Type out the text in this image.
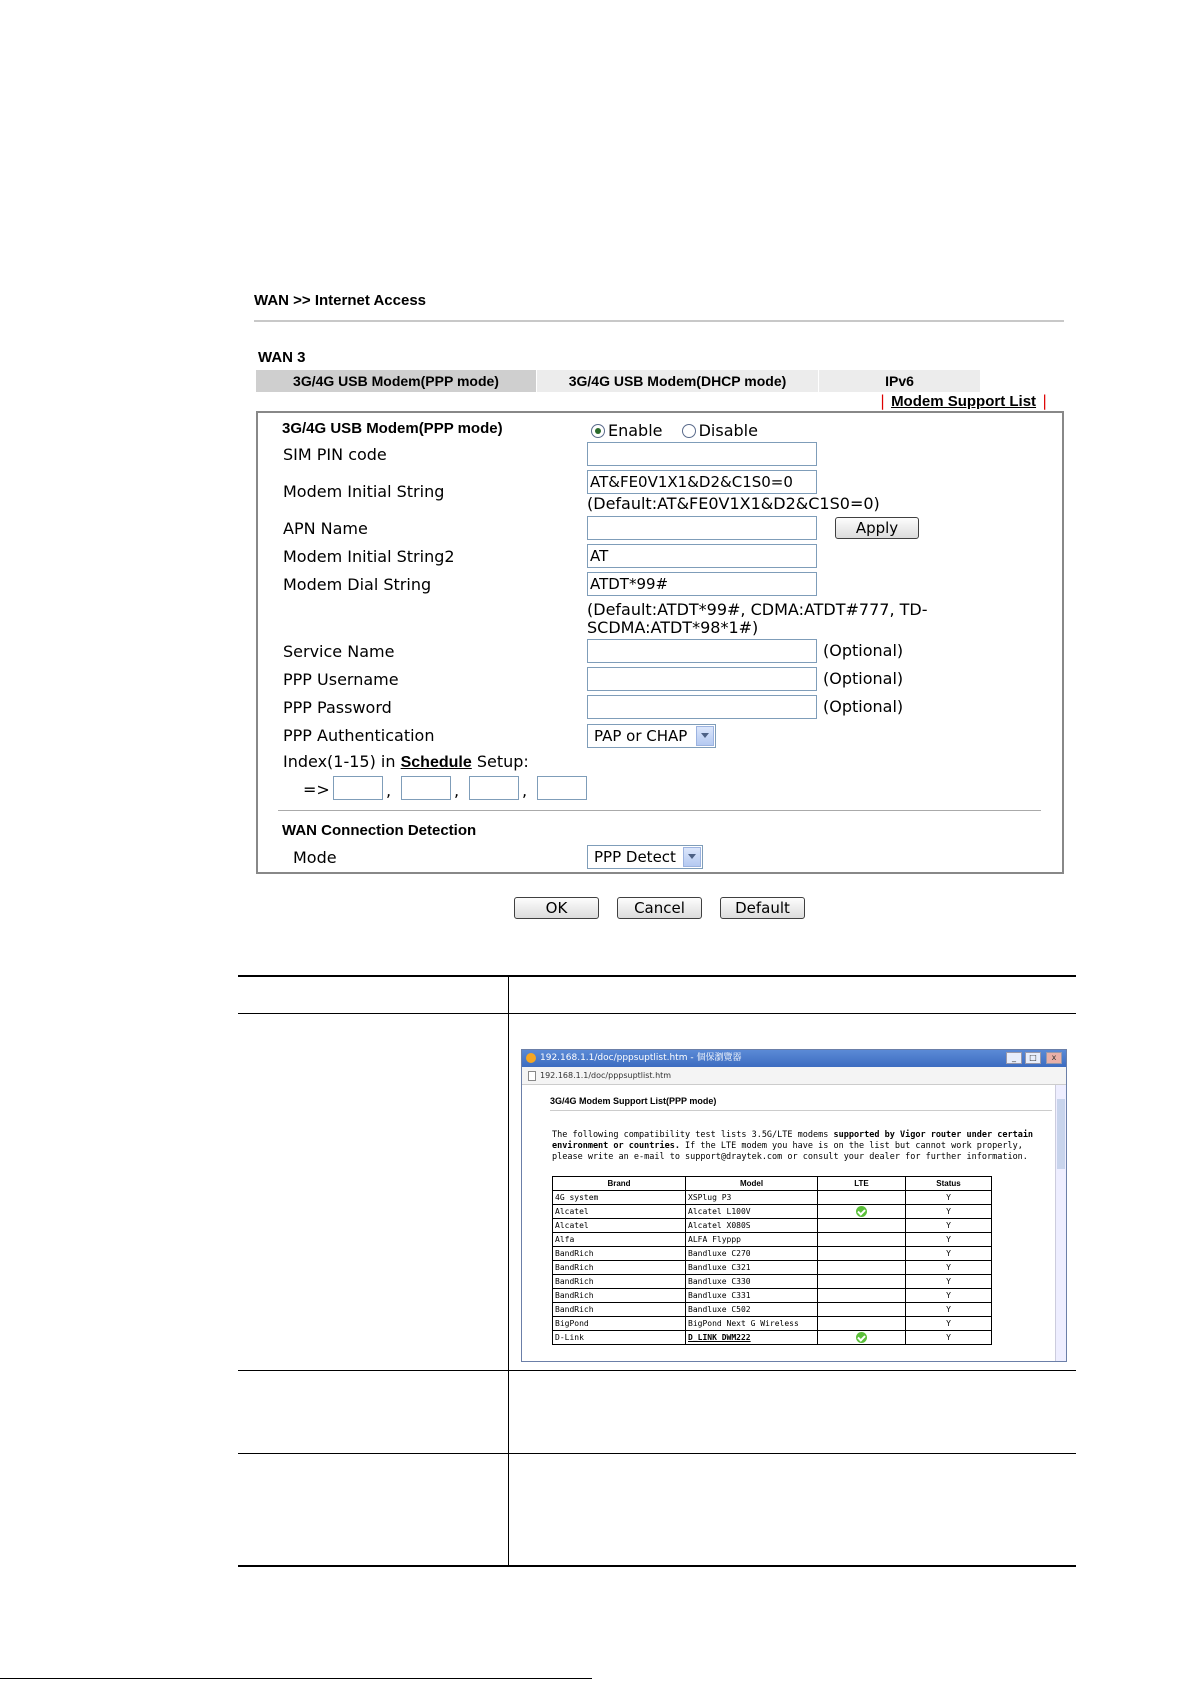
WAN >> Internet Access
WAN 3
3G/4G USB Modem(PPP mode)	3G/4G USB Modem(DHCP mode)	IPv6
| Modem Support List |
3G/4G USB Modem(PPP mode)	Enable Disable
SIM PIN code
Modem Initial String	AT&FE0V1X1&D2&C1S0=0
(Default:AT&FE0V1X1&D2&C1S0=0)
APN Name	Apply
Modem Initial String2	AT
Modem Dial String	ATDT*99#
(Default:ATDT*99#, CDMA:ATDT#777, TD-
SCDMA:ATDT*98*1#)
Service Name	(Optional)
PPP Username	(Optional)
PPP Password	(Optional)
PPP Authentication	PAP or CHAP
Index(1-15) in Schedule Setup:
=>	,	,	,
WAN Connection Detection
Mode	PPP Detect
OK	Cancel	Default
192.168.1.1/doc/pppsuptlist.htm - 個保瀏覽器	_	□	x
192.168.1.1/doc/pppsuptlist.htm
3G/4G Modem Support List(PPP mode)
The following compatibility test lists 3.5G/LTE modems supported by Vigor router under certain environment or countries. If the LTE modem you have is on the list but cannot work properly, please write an e-mail to support@draytek.com or consult your dealer for further information.
Brand	Model	LTE	Status
4G system	XSPlug P3		Y
Alcatel	Alcatel L100V		Y
Alcatel	Alcatel X080S		Y
Alfa	ALFA Flyppp		Y
BandRich	Bandluxe C270		Y
BandRich	Bandluxe C321		Y
BandRich	Bandluxe C330		Y
BandRich	Bandluxe C331		Y
BandRich	Bandluxe C502		Y
BigPond	BigPond Next G Wireless		Y
D-Link	D_LINK DWM222		Y
